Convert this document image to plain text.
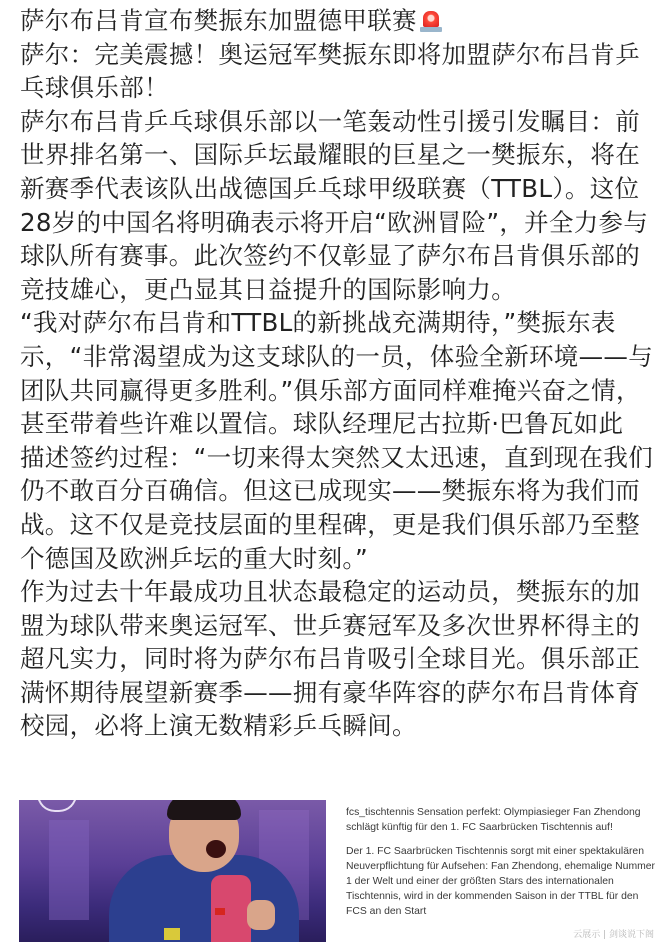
萨尔布吕肯宣布樊振东加盟德甲联赛
萨尔：完美震撼！奥运冠军樊振东即将加盟萨尔布吕肯乒
乓球俱乐部！
萨尔布吕肯乒乓球俱乐部以一笔轰动性引援引发瞩目：前
世界排名第一、国际乒坛最耀眼的巨星之一樊振东，将在
新赛季代表该队出战德国乒乓球甲级联赛（TTBL）。这位
28岁的中国名将明确表示将开启“欧洲冒险”，并全力参与
球队所有赛事。此次签约不仅彰显了萨尔布吕肯俱乐部的
竞技雄心，更凸显其日益提升的国际影响力。
“我对萨尔布吕肯和TTBL的新挑战充满期待，”樊振东表
示，“非常渴望成为这支球队的一员，体验全新环境——与
团队共同赢得更多胜利。”俱乐部方面同样难掩兴奋之情，
甚至带着些许难以置信。球队经理尼古拉斯·巴鲁瓦如此
描述签约过程：“一切来得太突然又太迅速，直到现在我们
仍不敢百分百确信。但这已成现实——樊振东将为我们而
战。这不仅是竞技层面的里程碑，更是我们俱乐部乃至整
个德国及欧洲乒坛的重大时刻。”
作为过去十年最成功且状态最稳定的运动员，樊振东的加
盟为球队带来奥运冠军、世乒赛冠军及多次世界杯得主的
超凡实力，同时将为萨尔布吕肯吸引全球目光。俱乐部正
满怀期待展望新赛季——拥有豪华阵容的萨尔布吕肯体育
校园，必将上演无数精彩乒乓瞬间。

fcs_tischtennis Sensation perfekt: Olympiasieger Fan Zhendong schlägt künftig für den 1. FC Saarbrücken Tischtennis auf!

Der 1. FC Saarbrücken Tischtennis sorgt mit einer spektakulären Neuverpflichtung für Aufsehen: Fan Zhendong, ehemalige Nummer 1 der Welt und einer der größten Stars des internationalen Tischtennis, wird in der kommenden Saison in der TTBL für den FCS an den Start

云展示 | 剑谈说下阁
